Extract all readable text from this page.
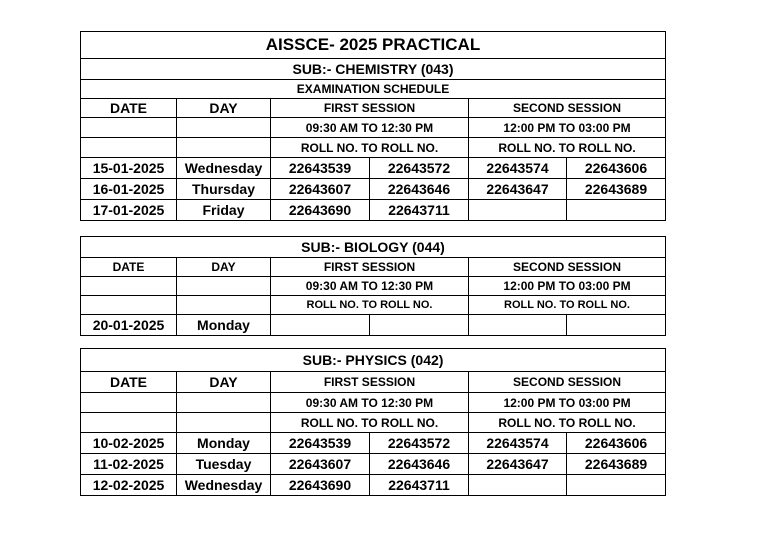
AISSCE- 2025 PRACTICAL					
SUB:- CHEMISTRY (043)					
EXAMINATION SCHEDULE					
DATE	DAY	FIRST SESSION		SECOND SESSION	
		09:30 AM TO 12:30 PM		12:00 PM TO 03:00 PM	
		ROLL NO. TO ROLL NO.		ROLL NO. TO ROLL NO.	
15-01-2025	Wednesday	22643539	22643572	22643574	22643606
16-01-2025	Thursday	22643607	22643646	22643647	22643689
17-01-2025	Friday	22643690	22643711		
SUB:- BIOLOGY (044)					
DATE	DAY	FIRST SESSION		SECOND SESSION	
		09:30 AM TO 12:30 PM		12:00 PM TO 03:00 PM	
		ROLL NO. TO ROLL NO.		ROLL NO. TO ROLL NO.	
20-01-2025	Monday				
SUB:- PHYSICS (042)					
DATE	DAY	FIRST SESSION		SECOND SESSION	
		09:30 AM TO 12:30 PM		12:00 PM TO 03:00 PM	
		ROLL NO. TO ROLL NO.		ROLL NO. TO ROLL NO.	
10-02-2025	Monday	22643539	22643572	22643574	22643606
11-02-2025	Tuesday	22643607	22643646	22643647	22643689
12-02-2025	Wednesday	22643690	22643711		
